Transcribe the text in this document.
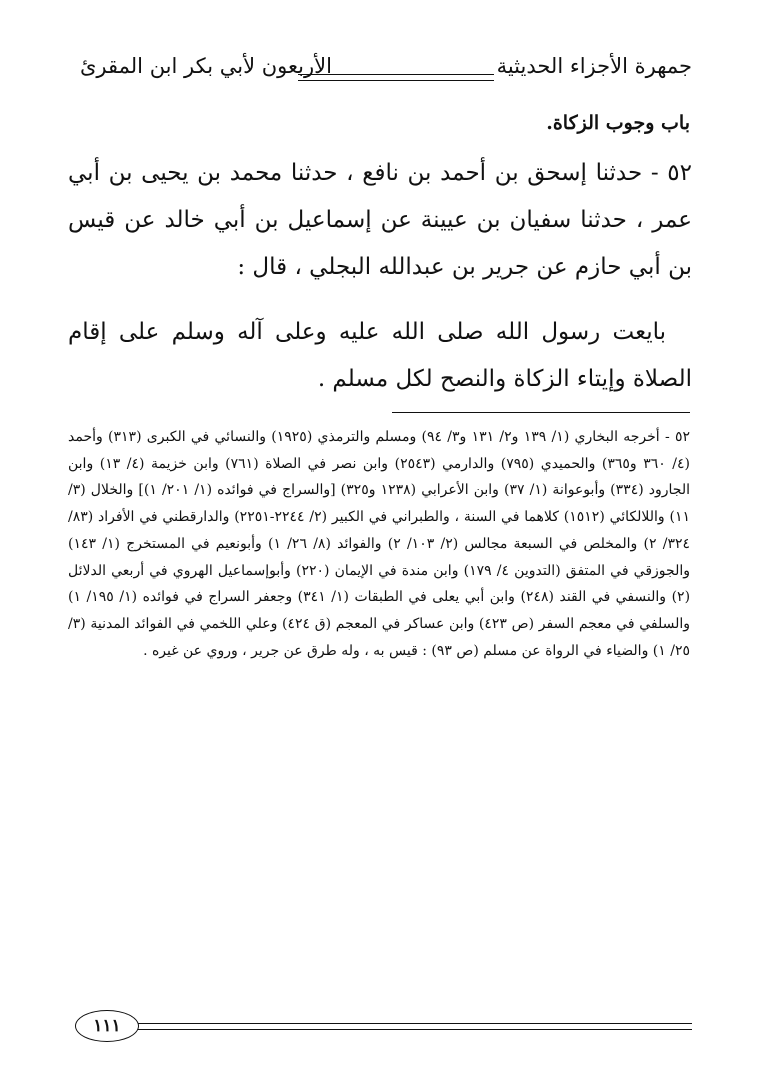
جمهرة الأجزاء الحديثية
الأربعون لأبي بكر ابن المقرئ
باب وجوب الزكاة.

٥٢ - حدثنا إسحق بن أحمد بن نافع ، حدثنا محمد بن يحيى بن أبي عمر ، حدثنا سفيان بن عيينة عن إسماعيل بن أبي خالد عن قيس بن أبي حازم عن جرير بن عبدالله البجلي ، قال :

بايعت رسول الله صلى الله عليه وعلى آله وسلم على إقام الصلاة وإيتاء الزكاة والنصح لكل مسلم .

٥٢ - أخرجه البخاري (١/ ١٣٩ و٢/ ١٣١ و٣/ ٩٤) ومسلم والترمذي (١٩٢٥) والنسائي في الكبرى (٣١٣) وأحمد (٤/ ٣٦٠ و٣٦٥) والحميدي (٧٩٥) والدارمي (٢٥٤٣) وابن نصر في الصلاة (٧٦١) وابن خزيمة (٤/ ١٣) وابن الجارود (٣٣٤) وأبوعوانة (١/ ٣٧) وابن الأعرابي (١٢٣٨ و٣٢٥) [والسراج في فوائده (١/ ٢٠١/ ١)] والخلال (٣/ ١١) واللالكائي (١٥١٢) كلاهما في السنة ، والطبراني في الكبير (٢/ ٢٢٤٤-٢٢٥١) والدارقطني في الأفراد (٨٣/ ٣٢٤/ ٢) والمخلص في السبعة مجالس (٢/ ١٠٣/ ٢) والفوائد (٨/ ٢٦/ ١) وأبونعيم في المستخرج (١/ ١٤٣) والجوزقي في المتفق (التدوين ٤/ ١٧٩) وابن مندة في الإيمان (٢٢٠) وأبوإسماعيل الهروي في أربعي الدلائل (٢) والنسفي في القند (٢٤٨) وابن أبي يعلى في الطبقات (١/ ٣٤١) وجعفر السراج في فوائده (١/ ١٩٥/ ١) والسلفي في معجم السفر (ص ٤٢٣) وابن عساكر في المعجم (ق ٤٢٤) وعلي اللخمي في الفوائد المدنية (٣/ ٢٥/ ١) والضياء في الرواة عن مسلم (ص ٩٣) : قيس به ، وله طرق عن جرير ، وروي عن غيره .

١١١
